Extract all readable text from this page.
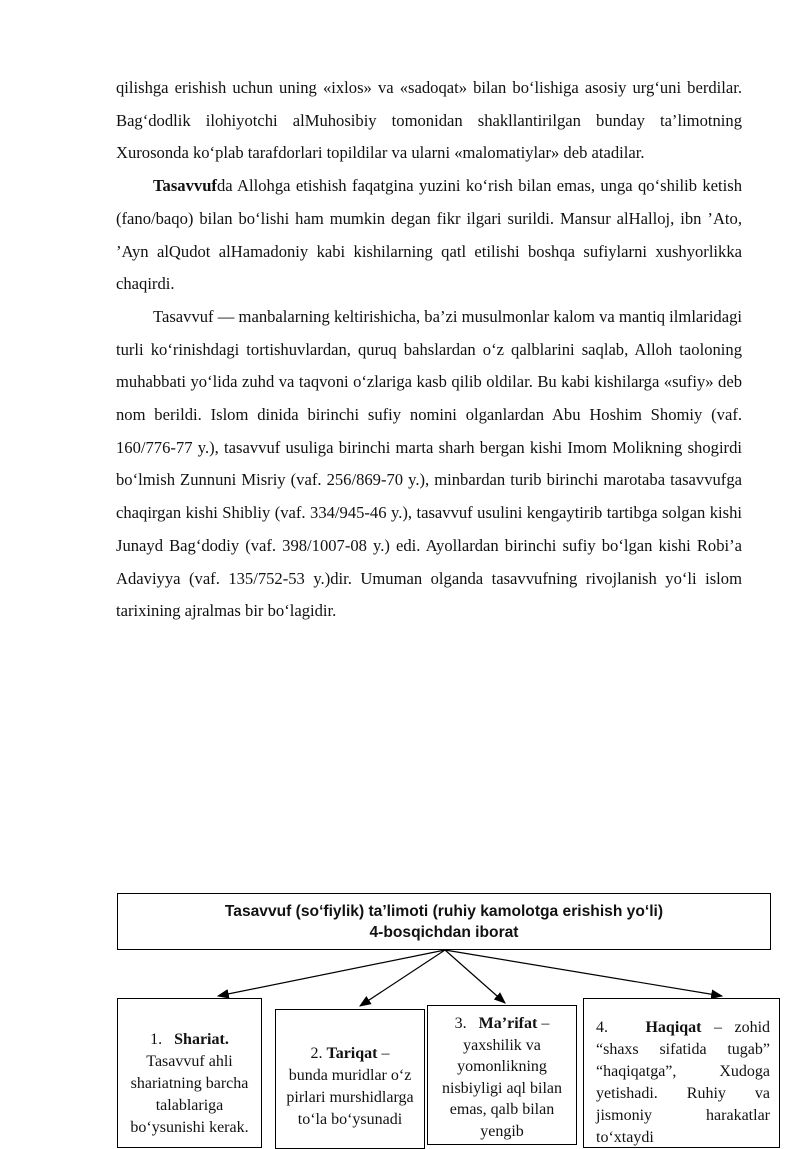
qilishga erishish uchun uning «ixlos» va «sadoqat» bilan bo‘lishiga asosiy urg‘uni berdilar. Bag‘dodlik ilohiyotchi alMuhosibiy tomonidan shakllantirilgan bunday ta’limotning Xurosonda ko‘plab tarafdorlari topildilar va ularni «malomatiylar» deb atadilar.

Tasavvufda Allohga etishish faqatgina yuzini ko‘rish bilan emas, unga qo‘shilib ketish (fano/baqo) bilan bo‘lishi ham mumkin degan fikr ilgari surildi. Mansur alHalloj, ibn ’Ato, ’Ayn alQudot alHamadoniy kabi kishilarning qatl etilishi boshqa sufiylarni xushyorlikka chaqirdi.

Tasavvuf — manbalarning keltirishicha, ba’zi musulmonlar kalom va mantiq ilmlaridagi turli ko‘rinishdagi tortishuvlardan, quruq bahslardan o‘z qalblarini saqlab, Alloh taoloning muhabbati yo‘lida zuhd va taqvoni o‘zlariga kasb qilib oldilar. Bu kabi kishilarga «sufiy» deb nom berildi. Islom dinida birinchi sufiy nomini olganlardan Abu Hoshim Shomiy (vaf. 160/776-77 y.), tasavvuf usuliga birinchi marta sharh bergan kishi Imom Molikning shogirdi bo‘lmish Zunnuni Misriy (vaf. 256/869-70 y.), minbardan turib birinchi marotaba tasavvufga chaqirgan kishi Shibliy (vaf. 334/945-46 y.), tasavvuf usulini kengaytirib tartibga solgan kishi Junayd Bag‘dodiy (vaf. 398/1007-08 y.) edi. Ayollardan birinchi sufiy bo‘lgan kishi Robi’a Adaviyya (vaf. 135/752-53 y.)dir. Umuman olganda tasavvufning rivojlanish yo‘li islom tarixining ajralmas bir bo‘lagidir.

Tasavvuf (so‘fiylik) ta’limoti (ruhiy kamolotga erishish yo‘li)
4-bosqichdan iborat
1. Shariat.
Tasavvuf ahli shariatning barcha talablariga bo‘ysunishi kerak.
2. Tariqat –
bunda muridlar o‘z pirlari murshidlarga to‘la bo‘ysunadi
3. Ma’rifat –
yaxshilik va yomonlikning nisbiyligi aql bilan emas, qalb bilan yengib
4. Haqiqat – zohid “shaxs sifatida tugab” “haqiqatga”, Xudoga yetishadi. Ruhiy va jismoniy harakatlar to‘xtaydi
